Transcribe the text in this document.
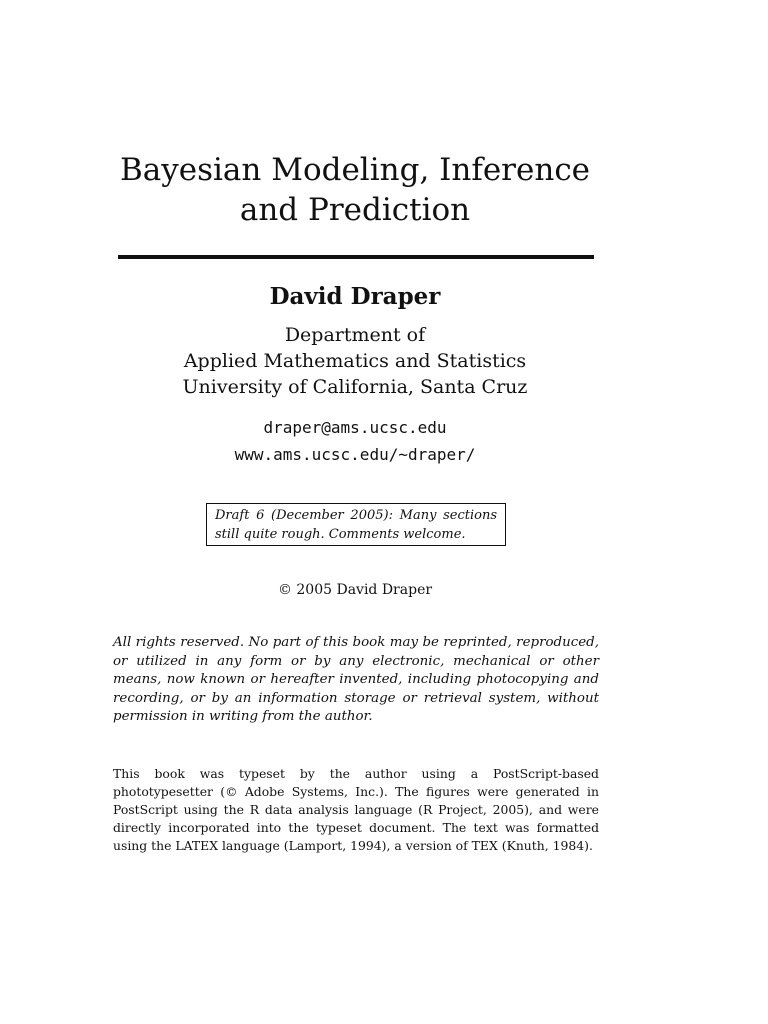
Bayesian Modeling, Inference
and Prediction
David Draper
Department of
Applied Mathematics and Statistics
University of California, Santa Cruz
draper@ams.ucsc.edu
www.ams.ucsc.edu/~draper/
Draft 6 (December 2005): Many sections still quite rough. Comments welcome.
© 2005 David Draper

All rights reserved. No part of this book may be reprinted, reproduced, or utilized in any form or by any electronic, mechanical or other means, now known or hereafter invented, including photocopying and recording, or by an information storage or retrieval system, without permission in writing from the author.

This book was typeset by the author using a PostScript-based phototypesetter (© Adobe Systems, Inc.). The figures were generated in PostScript using the R data analysis language (R Project, 2005), and were directly incorporated into the typeset document. The text was formatted using the LATEX language (Lamport, 1994), a version of TEX (Knuth, 1984).
